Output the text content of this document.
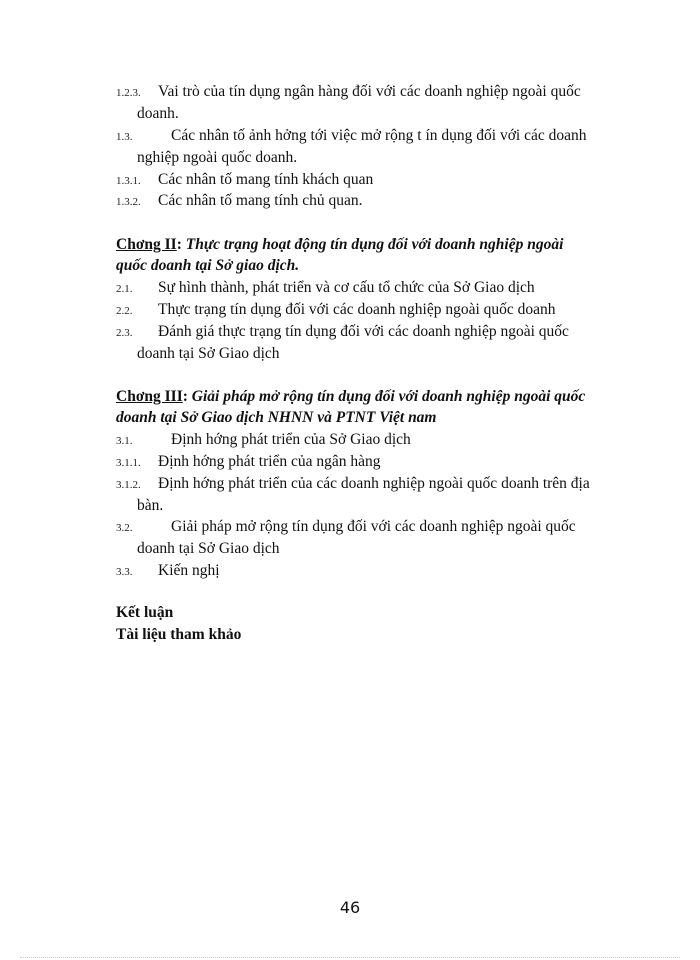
1.2.3. Vai trò của tín dụng ngân hàng đối với các doanh nghiệp ngoài quốc
doanh.
1.3. Các nhân tố ảnh hởng tới việc mở rộng t ín dụng đối với các doanh
nghiệp ngoài quốc doanh.
1.3.1. Các nhân tố mang tính khách quan
1.3.2. Các nhân tố mang tính chủ quan.
Chơng II: Thực trạng hoạt động tín dụng đối với doanh nghiệp ngoài
quốc doanh tại Sở giao dịch.
2.1. Sự hình thành, phát triển và cơ cấu tổ chức của Sở Giao dịch
2.2. Thực trạng tín dụng đối với các doanh nghiệp ngoài quốc doanh
2.3. Đánh giá thực trạng tín dụng đối với các doanh nghiệp ngoài quốc
doanh tại Sở Giao dịch
Chơng III: Giải pháp mở rộng tín dụng đối với doanh nghiệp ngoài quốc
doanh tại Sở Giao dịch NHNN và PTNT Việt nam
3.1. Định hớng phát triển của Sở Giao dịch
3.1.1. Định hớng phát triển của ngân hàng
3.1.2. Định hớng phát triển của các doanh nghiệp ngoài quốc doanh trên địa
bàn.
3.2. Giải pháp mở rộng tín dụng đối với các doanh nghiệp ngoài quốc
doanh tại Sở Giao dịch
3.3. Kiến nghị
Kết luận
Tài liệu tham khảo
46
